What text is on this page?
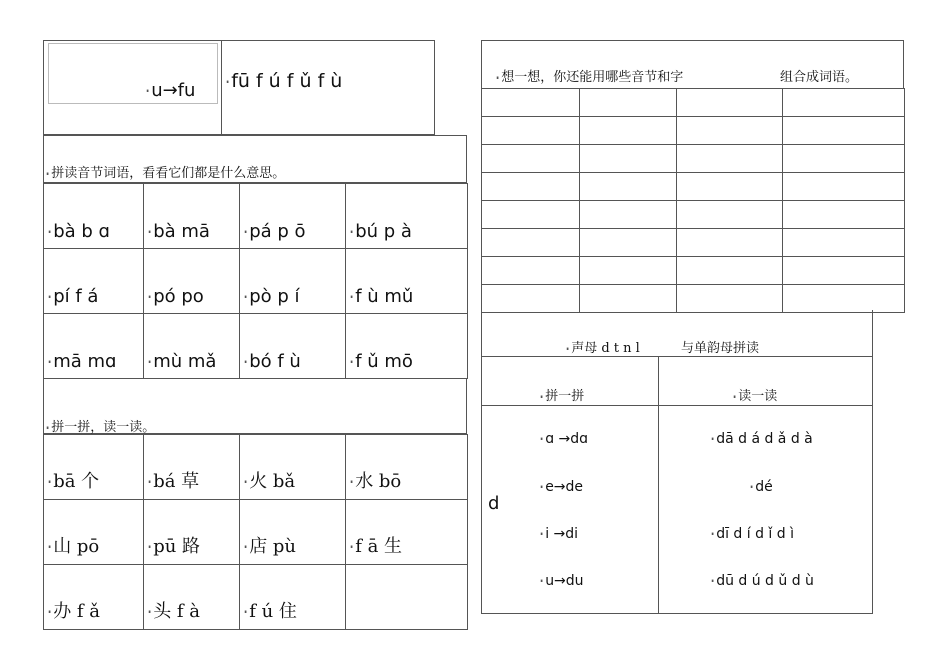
∎ u→fu	∎ fū f ú f ǔ f ù
∎ 拼读音节词语，看看它们都是什么意思。
∎ bà b ɑ	∎ bà mā	∎ pá p ō	∎ bú p à

∎ pí f á	∎ pó po	∎ pò p í	∎ f ù mǔ

∎ mā mɑ	∎ mù mǎ	∎ bó f ù	∎ f ǔ mō
∎ 拼一拼，读一读。
∎ bā 个	∎ bá 草	∎ 火 bǎ	∎ 水 bō

∎ 山 pō	∎ pū 路	∎ 店 pù	∎ f ā 生

∎ 办 f ǎ	∎ 头 f à	∎ f ú 住	

∎ 想一想，你还能用哪些音节和字	组合成词语。

∎ 声母 d t n l	与单韵母拼读
∎ 拼一拼	∎ 读一读
d
∎ ɑ →dɑ	∎ dā d á d ǎ d à
∎ e→de	∎ dé
∎ i →di	∎ dī d í d ǐ d ì
∎ u→du	∎ dū d ú d ǔ d ù
